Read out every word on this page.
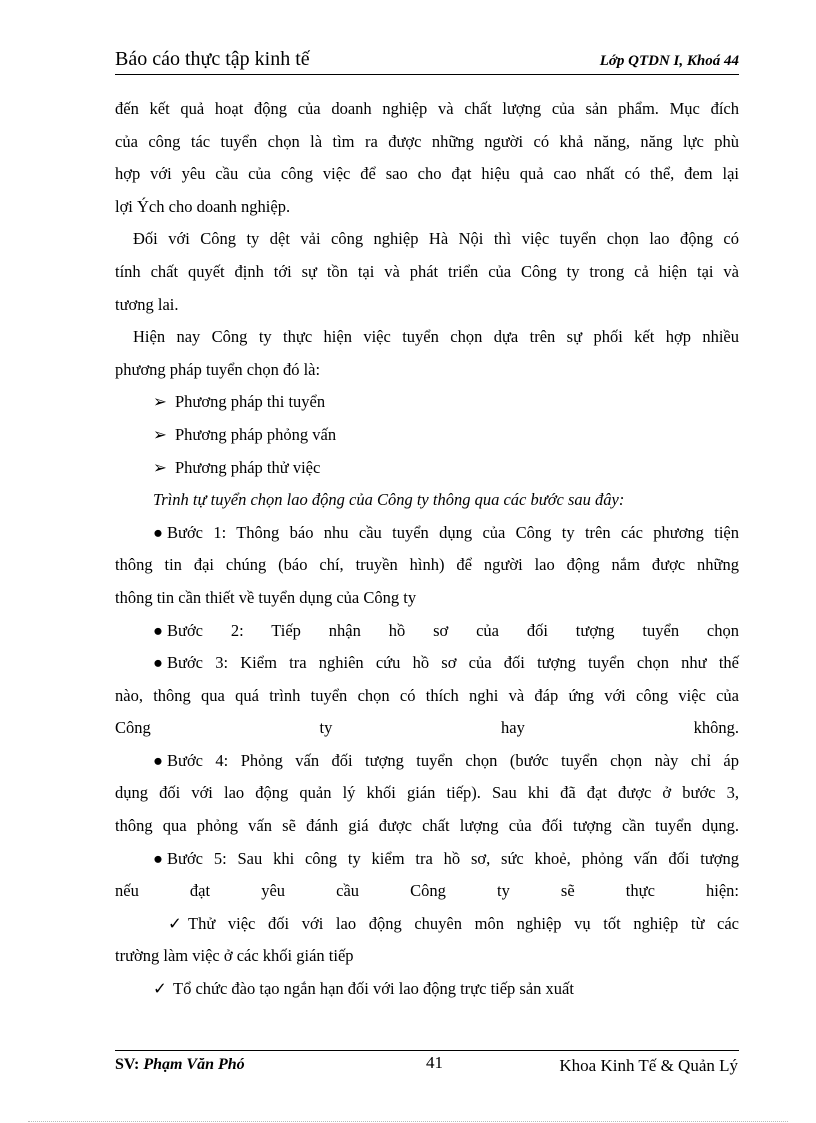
Báo cáo thực tập kinh tế	Lớp QTDN I, Khoá 44
đến kết quả hoạt động của doanh nghiệp và chất lượng của sản phẩm. Mục đích
của công tác tuyển chọn là tìm ra được những người có khả năng, năng lực phù
hợp với yêu cầu của công việc để sao cho đạt hiệu quả cao nhất có thể, đem lại
lợi Ých cho doanh nghiệp.
Đối với Công ty dệt vải công nghiệp Hà Nội thì việc tuyển chọn lao động có
tính chất quyết định tới sự tồn tại và phát triển của Công ty trong cả hiện tại và
tương lai.
Hiện nay Công ty thực hiện việc tuyển chọn dựa trên sự phối kết hợp nhiều
phương pháp tuyển chọn đó là:
➢ Phương pháp thi tuyển
➢ Phương pháp phỏng vấn
➢ Phương pháp thử việc
Trình tự tuyển chọn lao động của Công ty thông qua các bước sau đây:
● Bước 1: Thông báo nhu cầu tuyển dụng của Công ty trên các phương tiện
thông tin đại chúng (báo chí, truyền hình) để người lao động nắm được những
thông tin cần thiết về tuyển dụng của Công ty
● Bước 2: Tiếp nhận hồ sơ của đối tượng tuyển chọn
● Bước 3: Kiểm tra nghiên cứu hồ sơ của đối tượng tuyển chọn như thế
nào, thông qua quá trình tuyển chọn có thích nghi và đáp ứng với công việc của
Công ty hay không.
● Bước 4: Phỏng vấn đối tượng tuyển chọn (bước tuyển chọn này chỉ áp
dụng đối với lao động quản lý khối gián tiếp). Sau khi đã đạt được ở bước 3,
thông qua phỏng vấn sẽ đánh giá được chất lượng của đối tượng cần tuyển dụng.
● Bước 5: Sau khi công ty kiểm tra hồ sơ, sức khoẻ, phỏng vấn đối tượng
nếu đạt yêu cầu Công ty sẽ thực hiện:
✓ Thử việc đối với lao động chuyên môn nghiệp vụ tốt nghiệp từ các
trường làm việc ở các khối gián tiếp
✓ Tổ chức đào tạo ngắn hạn đối với lao động trực tiếp sản xuất
SV: Phạm Văn Phó	41	Khoa Kinh Tế & Quản Lý
